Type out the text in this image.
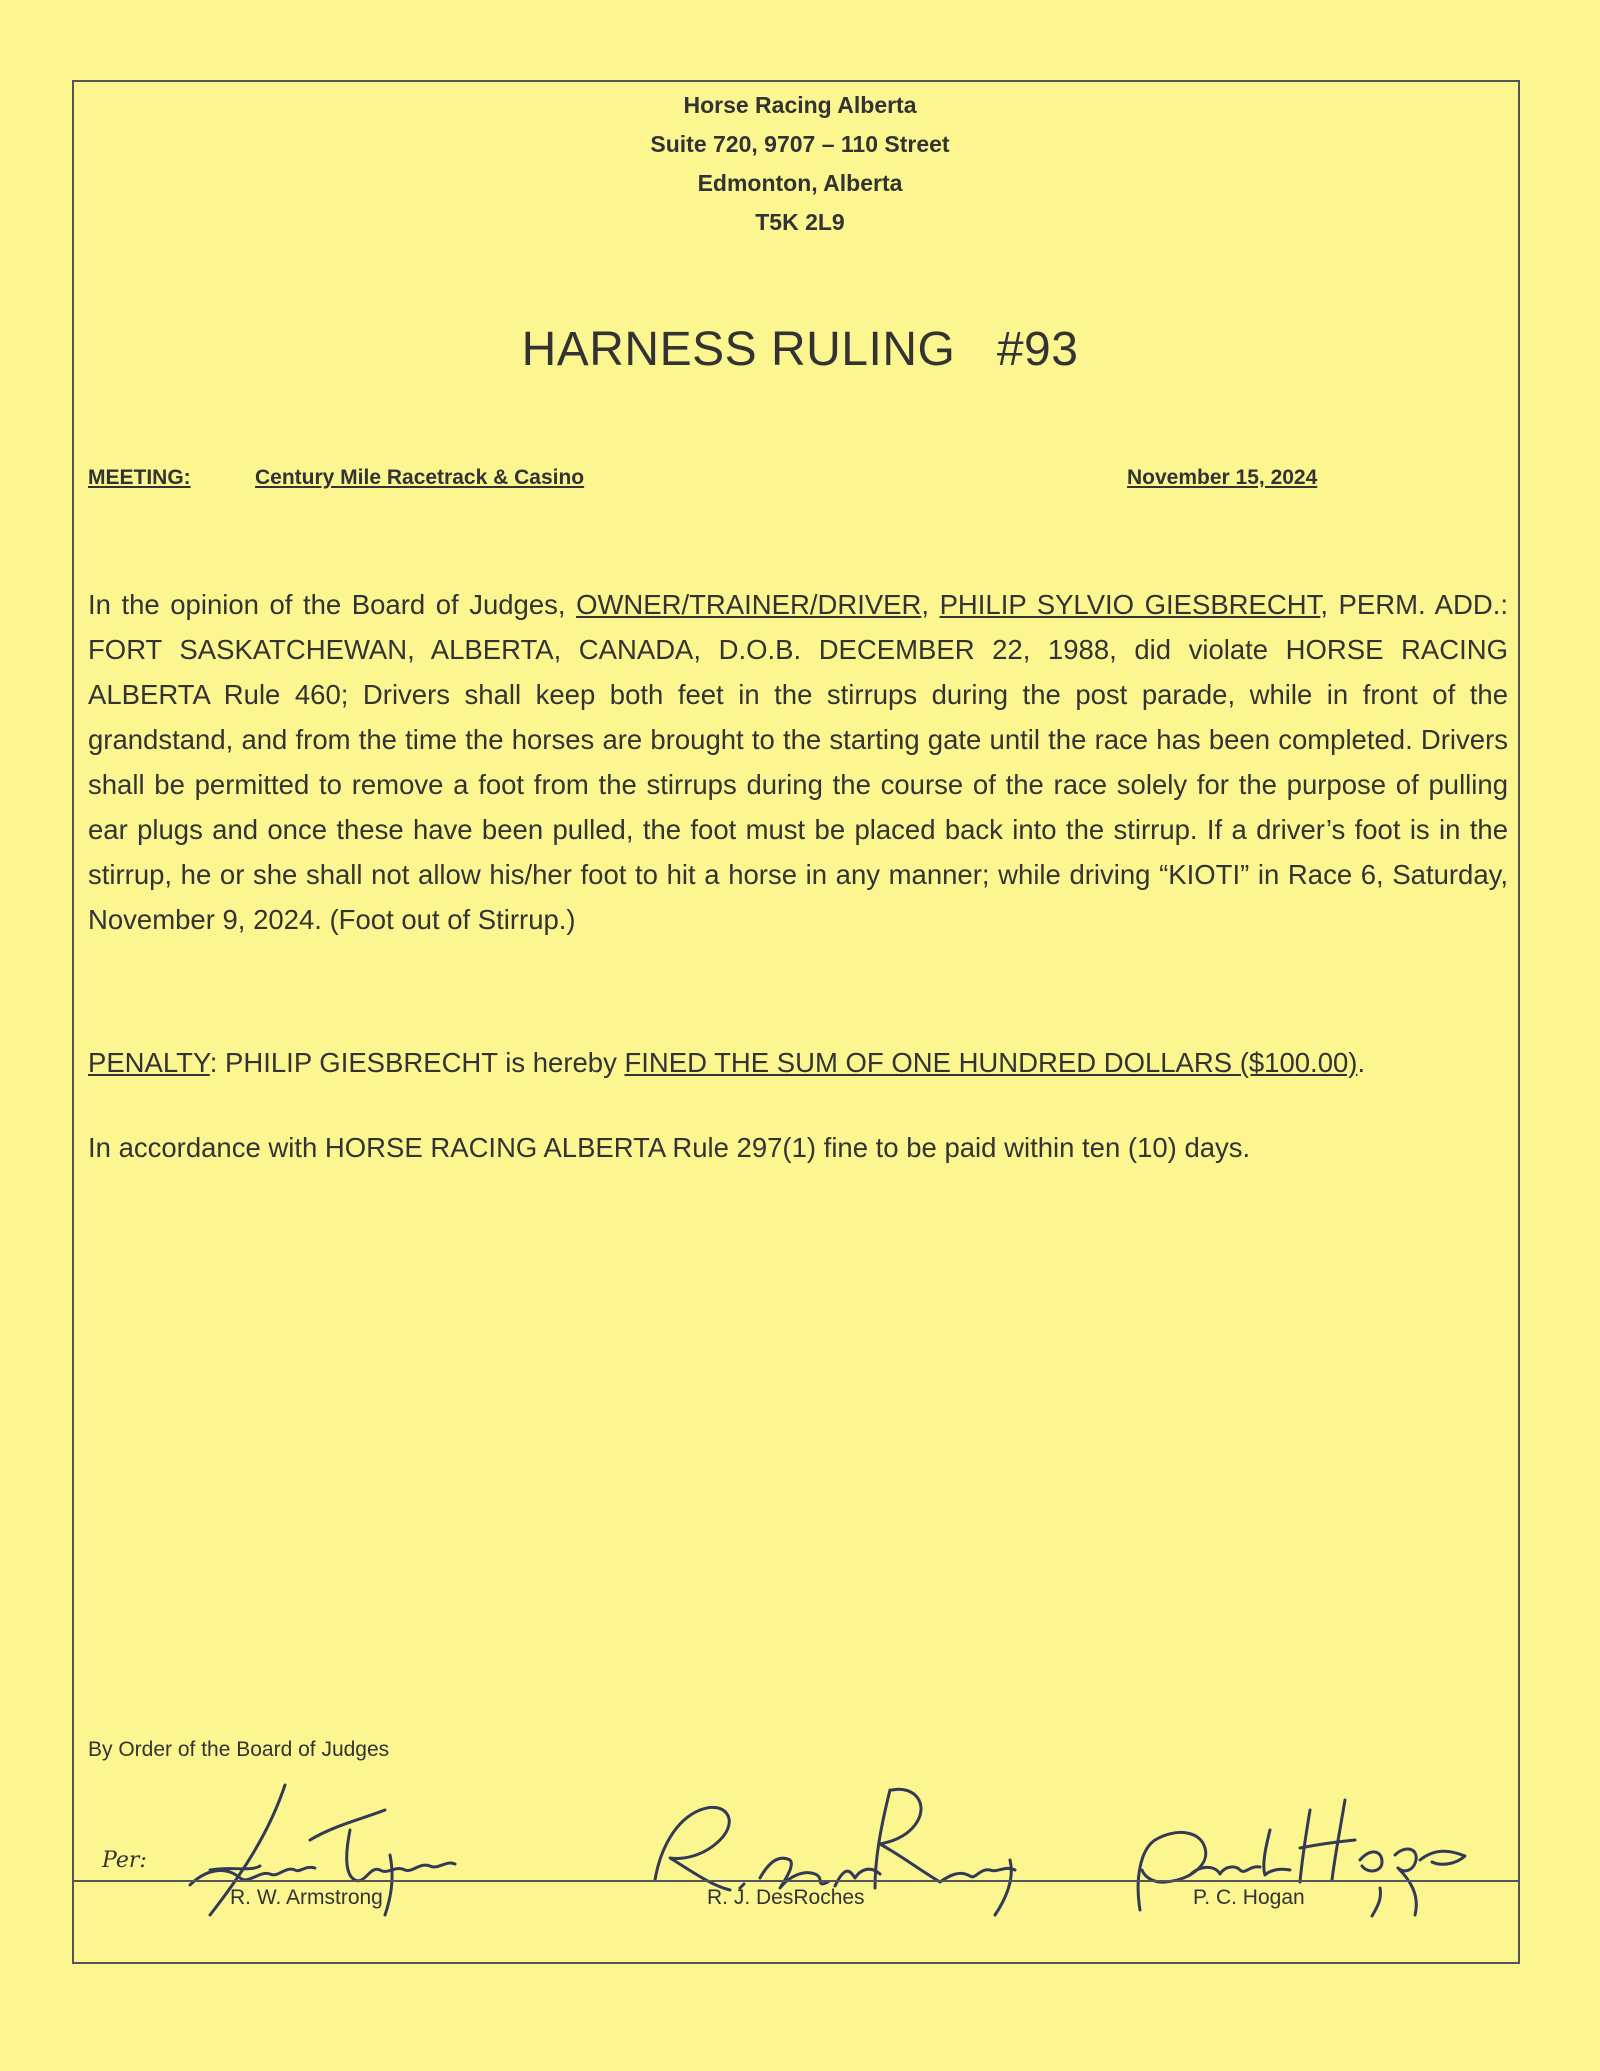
Horse Racing Alberta
Suite 720, 9707 – 110 Street
Edmonton, Alberta
T5K 2L9
HARNESS RULING   #93
MEETING:	Century Mile Racetrack & Casino	November 15, 2024
In the opinion of the Board of Judges, OWNER/TRAINER/DRIVER, PHILIP SYLVIO GIESBRECHT, PERM. ADD.: FORT SASKATCHEWAN, ALBERTA, CANADA, D.O.B. DECEMBER 22, 1988, did violate HORSE RACING ALBERTA Rule 460; Drivers shall keep both feet in the stirrups during the post parade, while in front of the grandstand, and from the time the horses are brought to the starting gate until the race has been completed. Drivers shall be permitted to remove a foot from the stirrups during the course of the race solely for the purpose of pulling ear plugs and once these have been pulled, the foot must be placed back into the stirrup. If a driver’s foot is in the stirrup, he or she shall not allow his/her foot to hit a horse in any manner; while driving “KIOTI” in Race 6, Saturday, November 9, 2024. (Foot out of Stirrup.)
PENALTY: PHILIP GIESBRECHT is hereby FINED THE SUM OF ONE HUNDRED DOLLARS ($100.00).
In accordance with HORSE RACING ALBERTA Rule 297(1) fine to be paid within ten (10) days.
By Order of the Board of Judges
Per:
R. W. Armstrong	R. J. DesRoches	P. C. Hogan
